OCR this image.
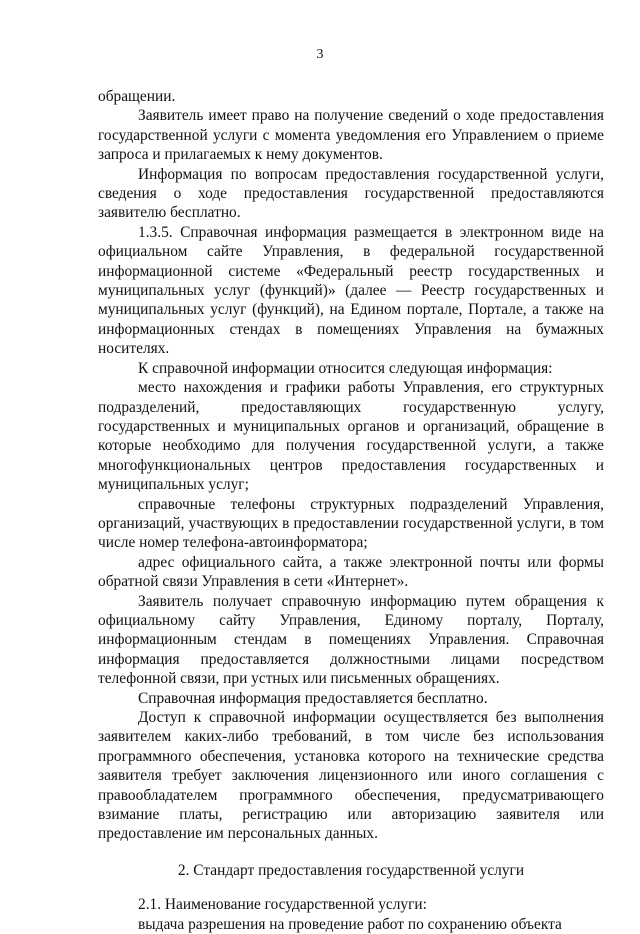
3

обращении.

Заявитель имеет право на получение сведений о ходе предоставления государственной услуги с момента уведомления его Управлением о приеме запроса и прилагаемых к нему документов.

Информация по вопросам предоставления государственной услуги, сведения о ходе предоставления государственной предоставляются заявителю бесплатно.

1.3.5. Справочная информация размещается в электронном виде на официальном сайте Управления, в федеральной государственной информационной системе «Федеральный реестр государственных и муниципальных услуг (функций)» (далее — Реестр государственных и муниципальных услуг (функций), на Едином портале, Портале, а также на информационных стендах в помещениях Управления на бумажных носителях.

К справочной информации относится следующая информация:

место нахождения и графики работы Управления, его структурных подразделений, предоставляющих государственную услугу, государственных и муниципальных органов и организаций, обращение в которые необходимо для получения государственной услуги, а также многофункциональных центров предоставления государственных и муниципальных услуг;

справочные телефоны структурных подразделений Управления, организаций, участвующих в предоставлении государственной услуги, в том числе номер телефона-автоинформатора;

адрес официального сайта, а также электронной почты или формы обратной связи Управления в сети «Интернет».

Заявитель получает справочную информацию путем обращения к официальному сайту Управления, Единому порталу, Порталу, информационным стендам в помещениях Управления. Справочная информация предоставляется должностными лицами посредством телефонной связи, при устных или письменных обращениях.

Справочная информация предоставляется бесплатно.

Доступ к справочной информации осуществляется без выполнения заявителем каких-либо требований, в том числе без использования программного обеспечения, установка которого на технические средства заявителя требует заключения лицензионного или иного соглашения с правообладателем программного обеспечения, предусматривающего взимание платы, регистрацию или авторизацию заявителя или предоставление им персональных данных.

2. Стандарт предоставления государственной услуги

2.1. Наименование государственной услуги:

выдача разрешения на проведение работ по сохранению объекта
